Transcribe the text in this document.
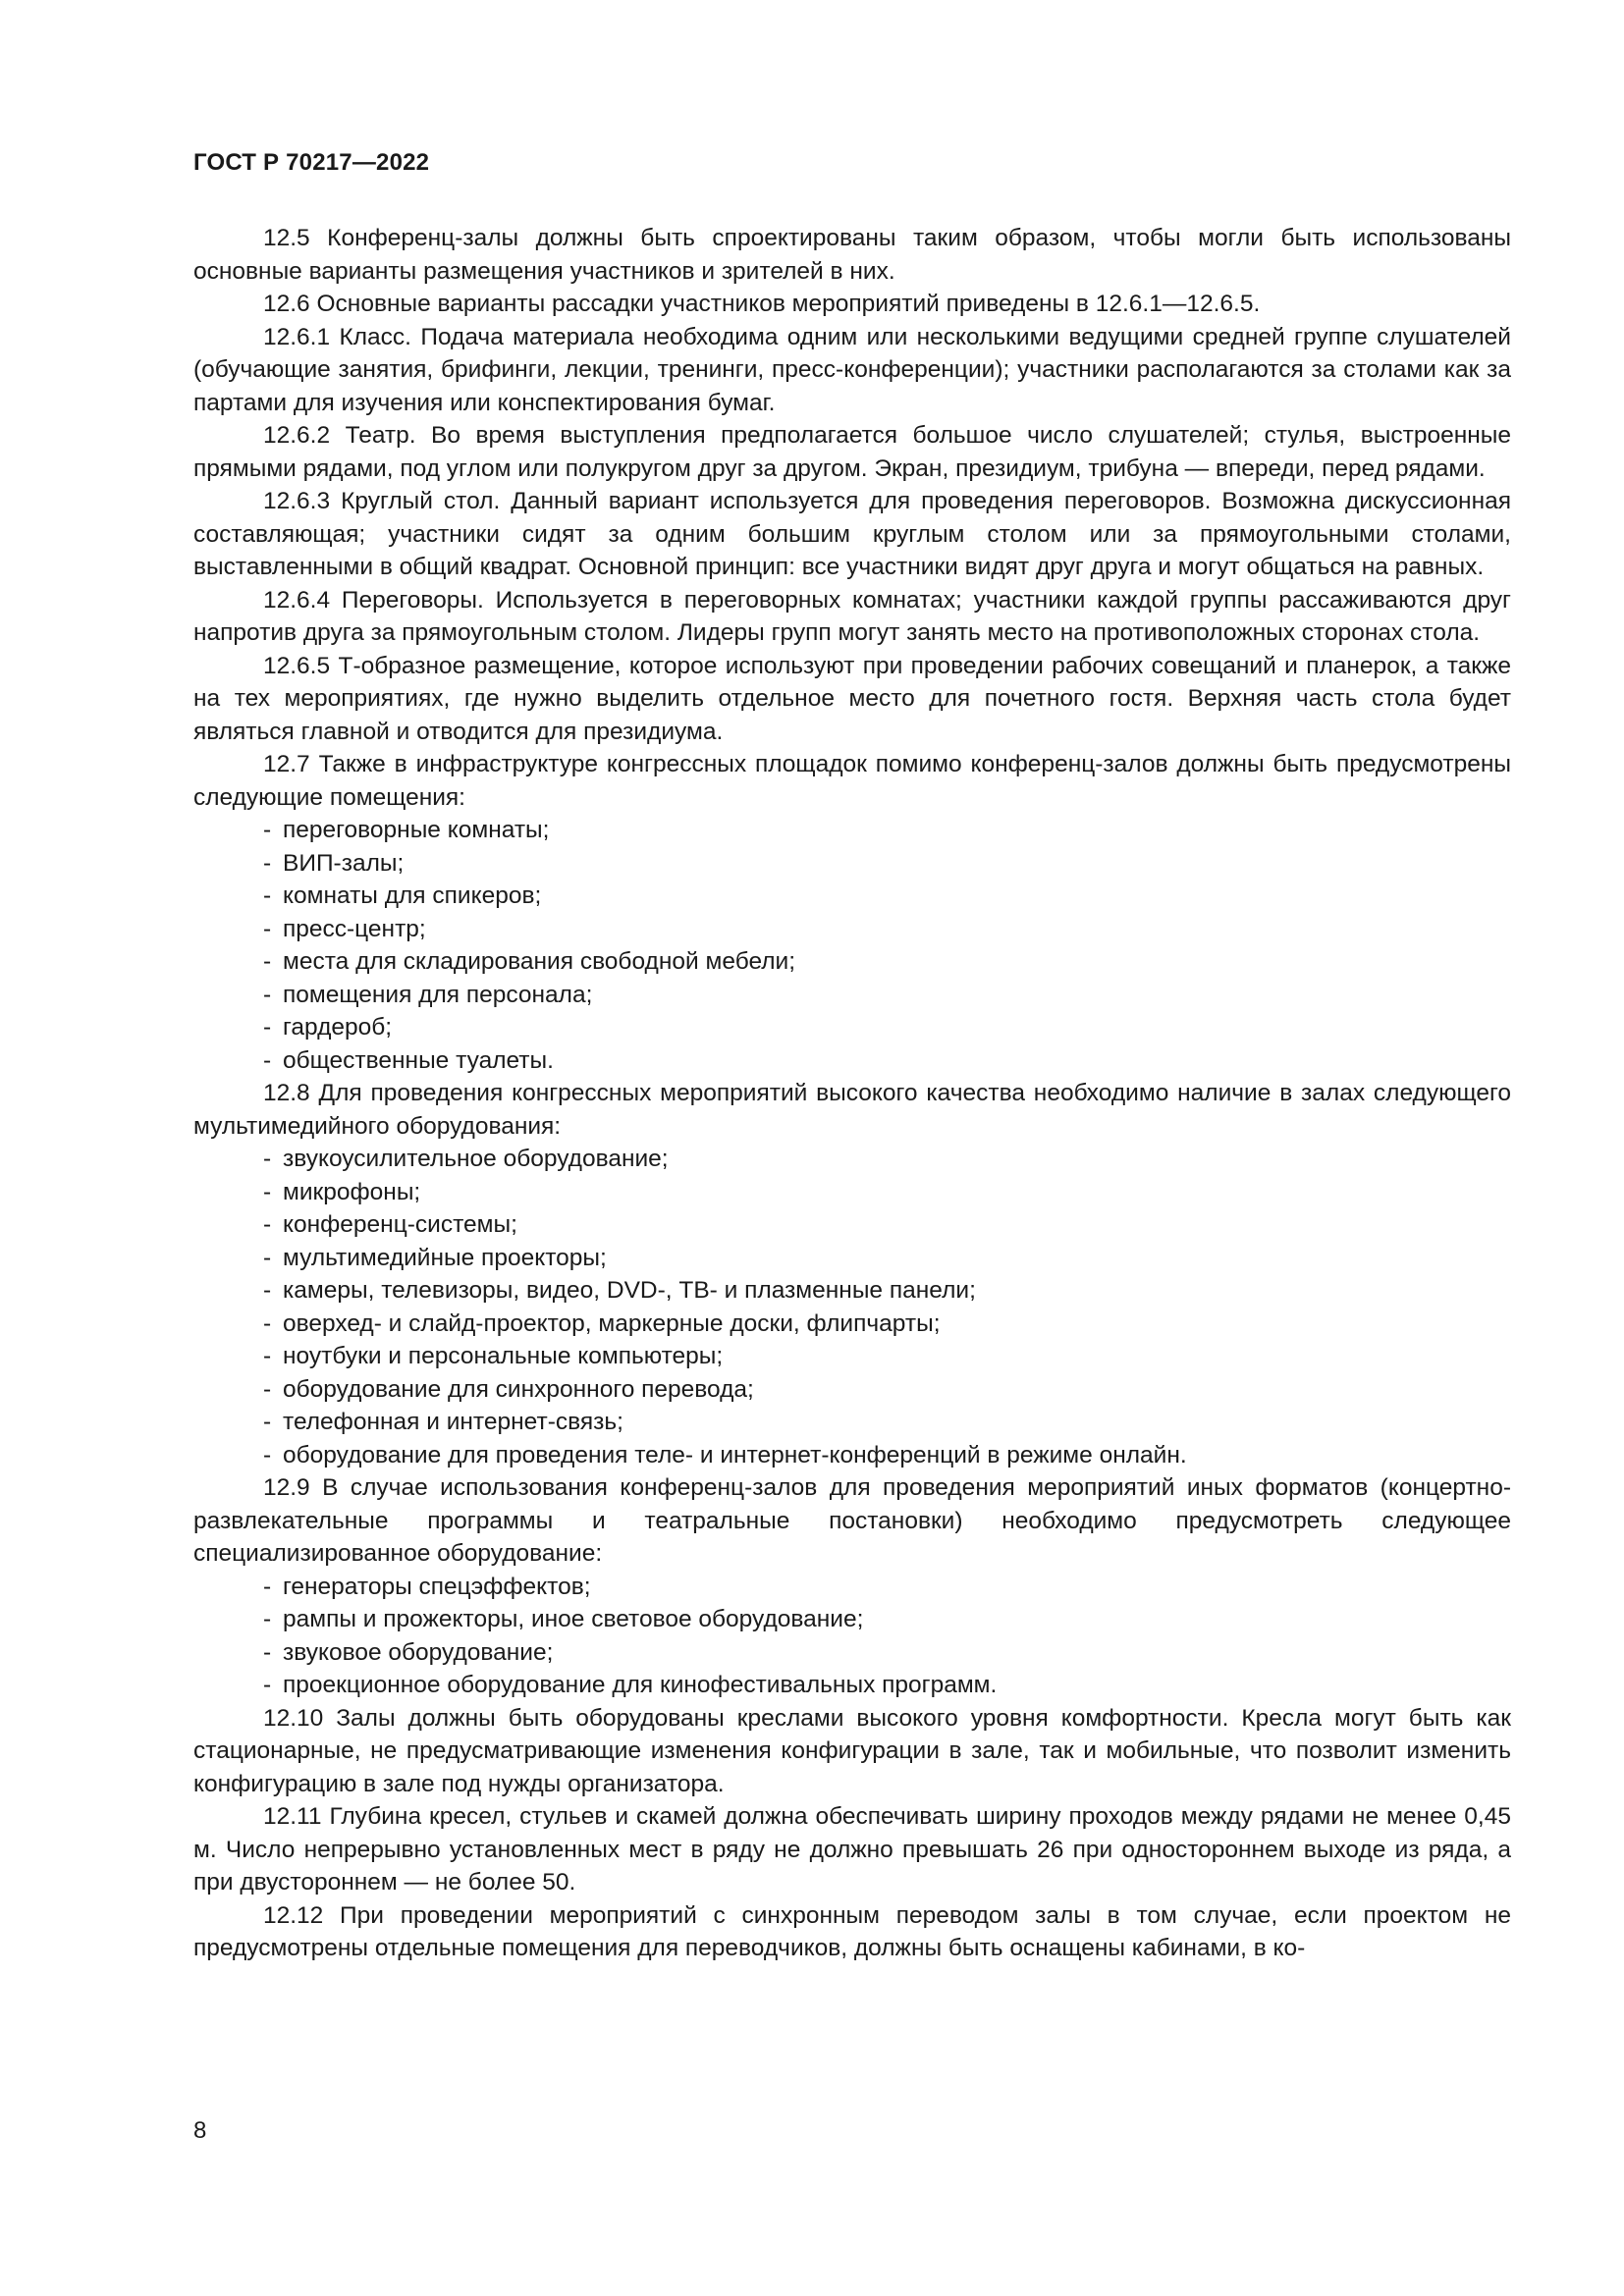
ГОСТ Р 70217—2022

12.5 Конференц-залы должны быть спроектированы таким образом, чтобы могли быть использованы основные варианты размещения участников и зрителей в них.

12.6 Основные варианты рассадки участников мероприятий приведены в 12.6.1—12.6.5.

12.6.1 Класс. Подача материала необходима одним или несколькими ведущими средней группе слушателей (обучающие занятия, брифинги, лекции, тренинги, пресс-конференции); участники располагаются за столами как за партами для изучения или конспектирования бумаг.

12.6.2 Театр. Во время выступления предполагается большое число слушателей; стулья, выстроенные прямыми рядами, под углом или полукругом друг за другом. Экран, президиум, трибуна — впереди, перед рядами.

12.6.3 Круглый стол. Данный вариант используется для проведения переговоров. Возможна дискуссионная составляющая; участники сидят за одним большим круглым столом или за прямоугольными столами, выставленными в общий квадрат. Основной принцип: все участники видят друг друга и могут общаться на равных.

12.6.4 Переговоры. Используется в переговорных комнатах; участники каждой группы рассаживаются друг напротив друга за прямоугольным столом. Лидеры групп могут занять место на противоположных сторонах стола.

12.6.5 Т-образное размещение, которое используют при проведении рабочих совещаний и планерок, а также на тех мероприятиях, где нужно выделить отдельное место для почетного гостя. Верхняя часть стола будет являться главной и отводится для президиума.

12.7 Также в инфраструктуре конгрессных площадок помимо конференц-залов должны быть предусмотрены следующие помещения:

- переговорные комнаты;
- ВИП-залы;
- комнаты для спикеров;
- пресс-центр;
- места для складирования свободной мебели;
- помещения для персонала;
- гардероб;
- общественные туалеты.

12.8 Для проведения конгрессных мероприятий высокого качества необходимо наличие в залах следующего мультимедийного оборудования:

- звукоусилительное оборудование;
- микрофоны;
- конференц-системы;
- мультимедийные проекторы;
- камеры, телевизоры, видео, DVD-, ТВ- и плазменные панели;
- оверхед- и слайд-проектор, маркерные доски, флипчарты;
- ноутбуки и персональные компьютеры;
- оборудование для синхронного перевода;
- телефонная и интернет-связь;
- оборудование для проведения теле- и интернет-конференций в режиме онлайн.

12.9 В случае использования конференц-залов для проведения мероприятий иных форматов (концертно-развлекательные программы и театральные постановки) необходимо предусмотреть следующее специализированное оборудование:

- генераторы спецэффектов;
- рампы и прожекторы, иное световое оборудование;
- звуковое оборудование;
- проекционное оборудование для кинофестивальных программ.

12.10 Залы должны быть оборудованы креслами высокого уровня комфортности. Кресла могут быть как стационарные, не предусматривающие изменения конфигурации в зале, так и мобильные, что позволит изменить конфигурацию в зале под нужды организатора.

12.11 Глубина кресел, стульев и скамей должна обеспечивать ширину проходов между рядами не менее 0,45 м. Число непрерывно установленных мест в ряду не должно превышать 26 при одностороннем выходе из ряда, а при двустороннем — не более 50.

12.12 При проведении мероприятий с синхронным переводом залы в том случае, если проектом не предусмотрены отдельные помещения для переводчиков, должны быть оснащены кабинами, в ко-

8
